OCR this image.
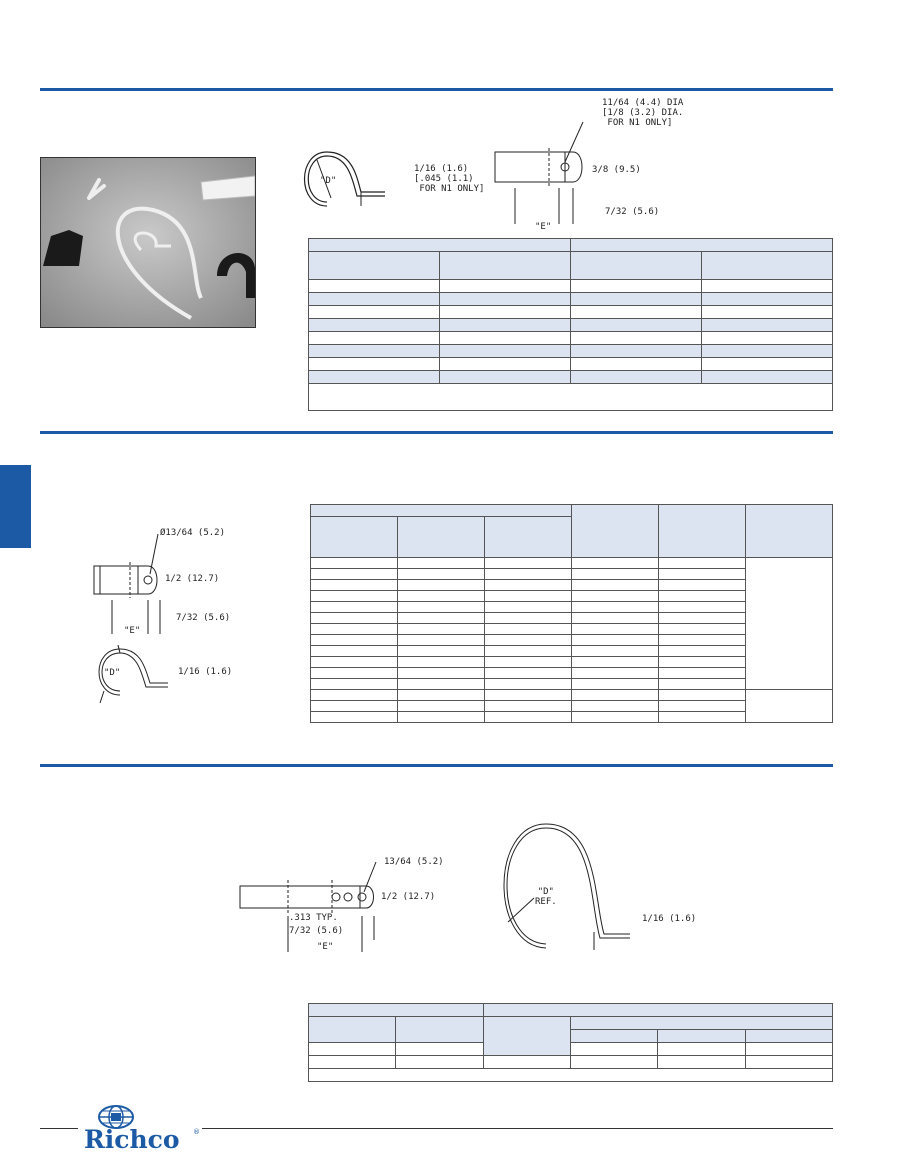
"D"
1/16 (1.6)
[.045 (1.1)
FOR N1 ONLY]
11/64 (4.4) DIA
[1/8 (3.2) DIA.
FOR N1 ONLY]
3/8 (9.5)
7/32 (5.6)
"E"

Ø13/64 (5.2)
1/2 (12.7)
7/32 (5.6)
"E"
"D"	1/16 (1.6)

13/64 (5.2)
1/2 (12.7)
.313 TYP.
7/32 (5.6)
"E"
"D"
REF.
1/16 (1.6)

Richco ®
